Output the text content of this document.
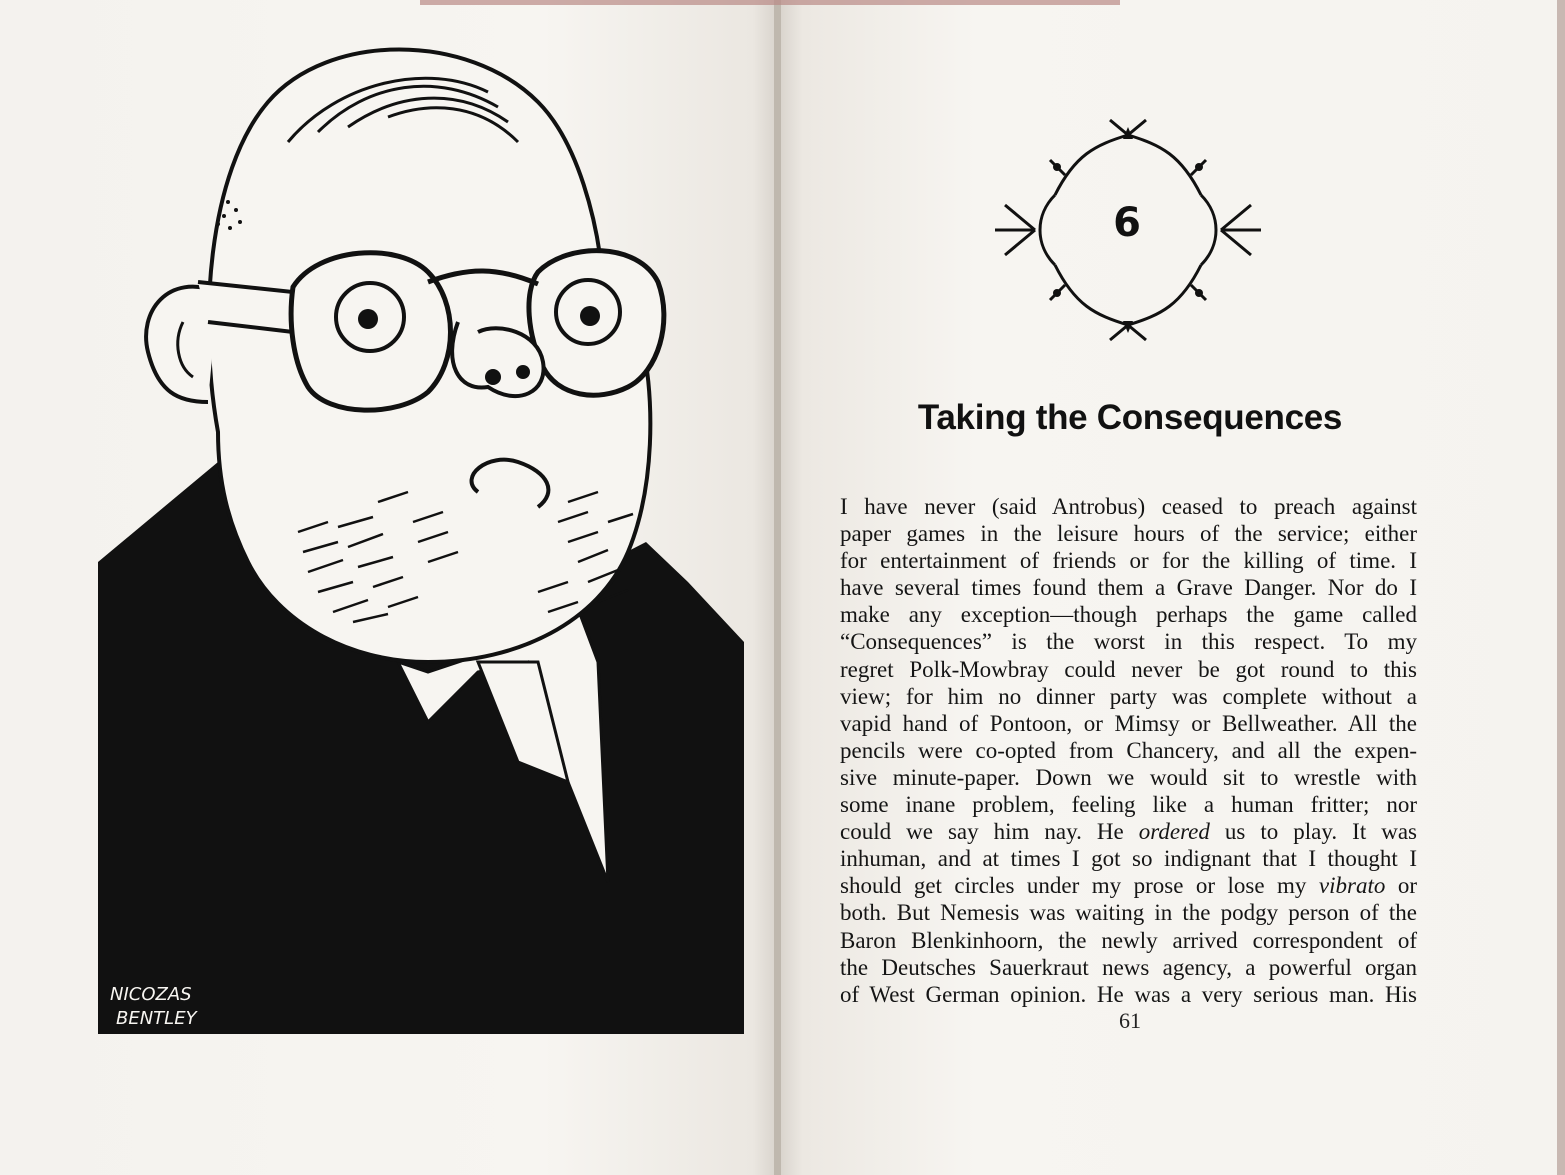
NICOZAS
BENTLEY
6
Taking the Consequences
I have never (said Antrobus) ceased to preach against
paper games in the leisure hours of the service; either
for entertainment of friends or for the killing of time. I
have several times found them a Grave Danger. Nor do I
make any exception—though perhaps the game called
“Consequences” is the worst in this respect. To my
regret Polk-Mowbray could never be got round to this
view; for him no dinner party was complete without a
vapid hand of Pontoon, or Mimsy or Bellweather. All the
pencils were co-opted from Chancery, and all the expen-
sive minute-paper. Down we would sit to wrestle with
some inane problem, feeling like a human fritter; nor
could we say him nay. He ordered us to play. It was
inhuman, and at times I got so indignant that I thought I
should get circles under my prose or lose my vibrato or
both. But Nemesis was waiting in the podgy person of the
Baron Blenkinhoorn, the newly arrived correspondent of
the Deutsches Sauerkraut news agency, a powerful organ
of West German opinion. He was a very serious man. His
61
